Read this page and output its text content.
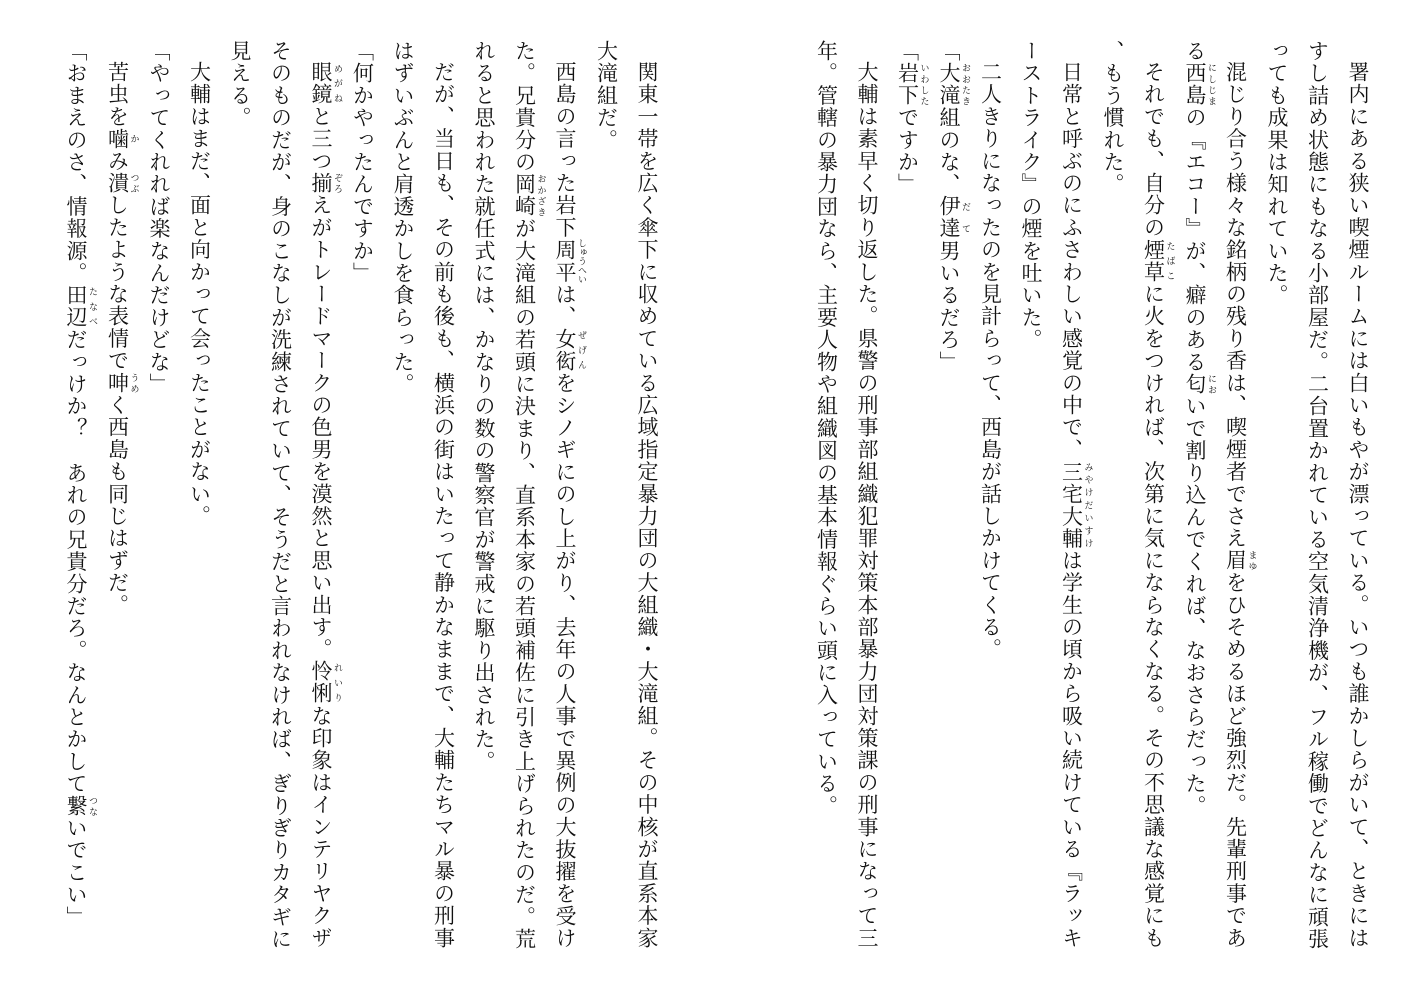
署内にある狭い喫煙ルームには白いもやが漂っている。いつも誰かしらがいて、ときにはすし詰め状態にもなる小部屋だ。二台置かれている空気清浄機が、フル稼働でどんなに頑張っても成果は知れていた。

混じり合う様々な銘柄の残り香は、喫煙者でさえ眉 まゆをひそめるほど強烈だ。先輩刑事である西島 にしじまの『エコー』が、癖のある匂 においで割り込んでくれば、なおさらだった。

それでも、自分の煙草 たばこに火をつければ、次第に気にならなくなる。その不思議な感覚にも、もう慣れた。

日常と呼ぶのにふさわしい感覚の中で、三宅大輔 みやけだいすけは学生の頃から吸い続けている『ラッキーストライク』の煙を吐いた。

二人きりになったのを見計らって、西島が話しかけてくる。

「大滝 おおたき組のな、伊達 だて男いるだろ」

「岩下 いわしたですか」

大輔は素早く切り返した。県警の刑事部組織犯罪対策本部暴力団対策課の刑事になって三年。管轄の暴力団なら、主要人物や組織図の基本情報ぐらい頭に入っている。

関東一帯を広く傘下に収めている広域指定暴力団の大組織・大滝組。その中核が直系本家大滝組だ。

西島の言った岩下周平 しゅうへいは、女衒 ぜげんをシノギにのし上がり、去年の人事で異例の大抜擢を受けた。兄貴分の岡崎 おかざきが大滝組の若頭に決まり、直系本家の若頭補佐に引き上げられたのだ。荒れると思われた就任式には、かなりの数の警察官が警戒に駆り出された。

だが、当日も、その前も後も、横浜の街はいたって静かなままで、大輔たちマル暴の刑事はずいぶんと肩透かしを食らった。

「何かやったんですか」

眼鏡 めがねと三つ揃 ぞろえがトレードマークの色男を漠然と思い出す。怜悧 れいりな印象はインテリヤクザそのものだが、身のこなしが洗練されていて、そうだと言われなければ、ぎりぎりカタギに見える。

大輔はまだ、面と向かって会ったことがない。

「やってくれれば楽なんだけどな」

苦虫を噛 かみ潰 つぶしたような表情で呻 うめく西島も同じはずだ。

「おまえのさ、情報源。田辺 たなべだっけか？　あれの兄貴分だろ。なんとかして繋 つないでこい」
